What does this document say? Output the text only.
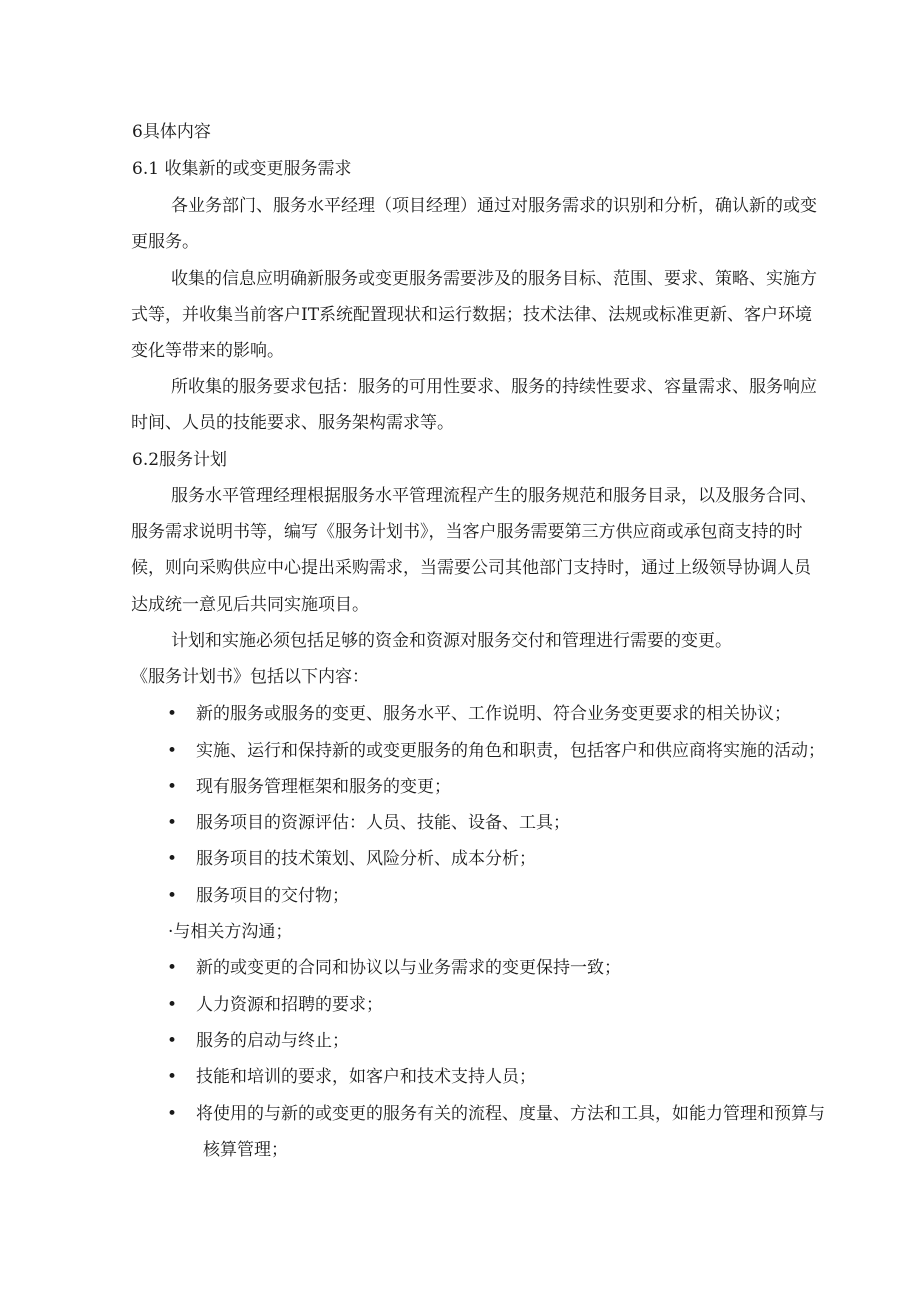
6具体内容
6.1 收集新的或变更服务需求
各业务部门、服务水平经理（项目经理）通过对服务需求的识别和分析，确认新的或变
更服务。
收集的信息应明确新服务或变更服务需要涉及的服务目标、范围、要求、策略、实施方
式等，并收集当前客户IT系统配置现状和运行数据；技术法律、法规或标准更新、客户环境
变化等带来的影响。
所收集的服务要求包括：服务的可用性要求、服务的持续性要求、容量需求、服务响应
时间、人员的技能要求、服务架构需求等。
6.2服务计划
服务水平管理经理根据服务水平管理流程产生的服务规范和服务目录，以及服务合同、
服务需求说明书等，编写《服务计划书》，当客户服务需要第三方供应商或承包商支持的时
候，则向采购供应中心提出采购需求，当需要公司其他部门支持时，通过上级领导协调人员
达成统一意见后共同实施项目。
计划和实施必须包括足够的资金和资源对服务交付和管理进行需要的变更。
《服务计划书》包括以下内容：
• 新的服务或服务的变更、服务水平、工作说明、符合业务变更要求的相关协议；
• 实施、运行和保持新的或变更服务的角色和职责，包括客户和供应商将实施的活动；
• 现有服务管理框架和服务的变更；
• 服务项目的资源评估：人员、技能、设备、工具；
• 服务项目的技术策划、风险分析、成本分析；
• 服务项目的交付物；
·与相关方沟通；
• 新的或变更的合同和协议以与业务需求的变更保持一致；
• 人力资源和招聘的要求；
• 服务的启动与终止；
• 技能和培训的要求，如客户和技术支持人员；
• 将使用的与新的或变更的服务有关的流程、度量、方法和工具，如能力管理和预算与
核算管理；
